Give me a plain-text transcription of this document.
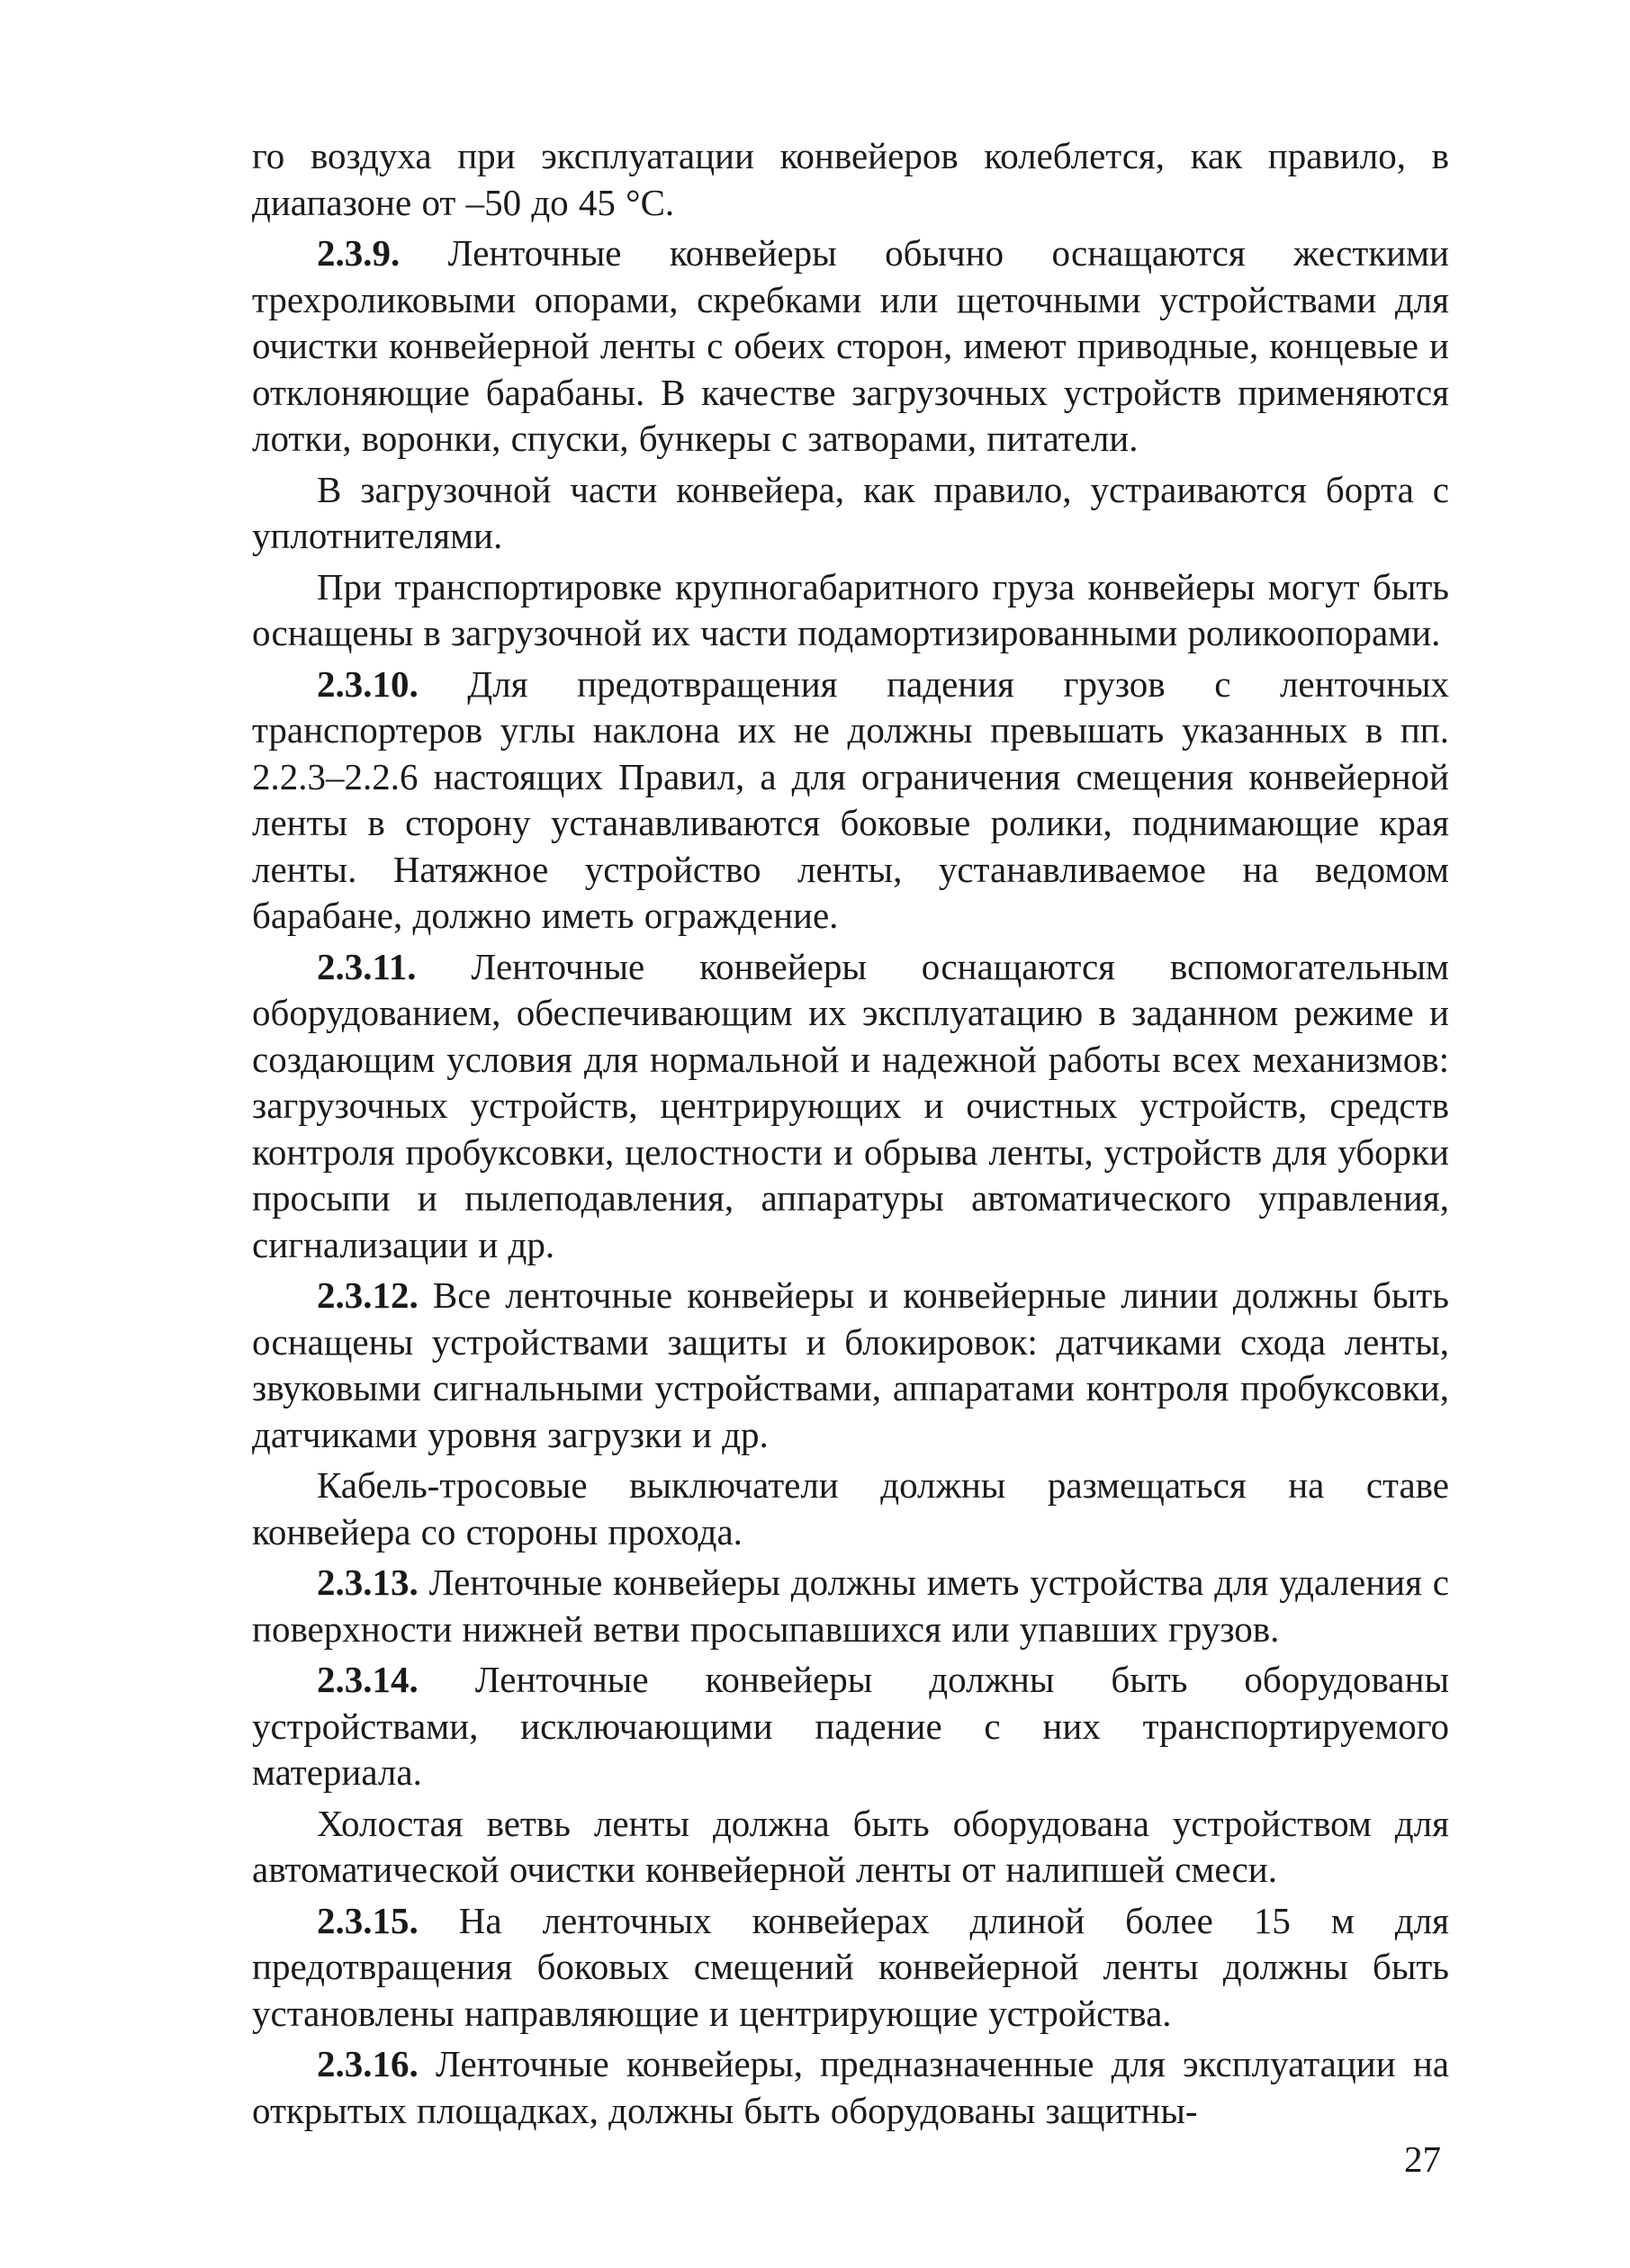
го воздуха при эксплуатации конвейеров колеблется, как правило, в диапазоне от –50 до 45 °С.

2.3.9. Ленточные конвейеры обычно оснащаются жесткими трехроликовыми опорами, скребками или щеточными устройствами для очистки конвейерной ленты с обеих сторон, имеют приводные, концевые и отклоняющие барабаны. В качестве загрузочных устройств применяются лотки, воронки, спуски, бункеры с затворами, питатели.

В загрузочной части конвейера, как правило, устраиваются борта с уплотнителями.

При транспортировке крупногабаритного груза конвейеры могут быть оснащены в загрузочной их части подамортизированными роликоопорами.

2.3.10. Для предотвращения падения грузов с ленточных транспортеров углы наклона их не должны превышать указанных в пп. 2.2.3–2.2.6 настоящих Правил, а для ограничения смещения конвейерной ленты в сторону устанавливаются боковые ролики, поднимающие края ленты. Натяжное устройство ленты, устанавливаемое на ведомом барабане, должно иметь ограждение.

2.3.11. Ленточные конвейеры оснащаются вспомогательным оборудованием, обеспечивающим их эксплуатацию в заданном режиме и создающим условия для нормальной и надежной работы всех механизмов: загрузочных устройств, центрирующих и очистных устройств, средств контроля пробуксовки, целостности и обрыва ленты, устройств для уборки просыпи и пылеподавления, аппаратуры автоматического управления, сигнализации и др.

2.3.12. Все ленточные конвейеры и конвейерные линии должны быть оснащены устройствами защиты и блокировок: датчиками схода ленты, звуковыми сигнальными устройствами, аппаратами контроля пробуксовки, датчиками уровня загрузки и др.

Кабель-тросовые выключатели должны размещаться на ставе конвейера со стороны прохода.

2.3.13. Ленточные конвейеры должны иметь устройства для удаления с поверхности нижней ветви просыпавшихся или упавших грузов.

2.3.14. Ленточные конвейеры должны быть оборудованы устройствами, исключающими падение с них транспортируемого материала.

Холостая ветвь ленты должна быть оборудована устройством для автоматической очистки конвейерной ленты от налипшей смеси.

2.3.15. На ленточных конвейерах длиной более 15 м для предотвращения боковых смещений конвейерной ленты должны быть установлены направляющие и центрирующие устройства.

2.3.16. Ленточные конвейеры, предназначенные для эксплуатации на открытых площадках, должны быть оборудованы защитны-

27
